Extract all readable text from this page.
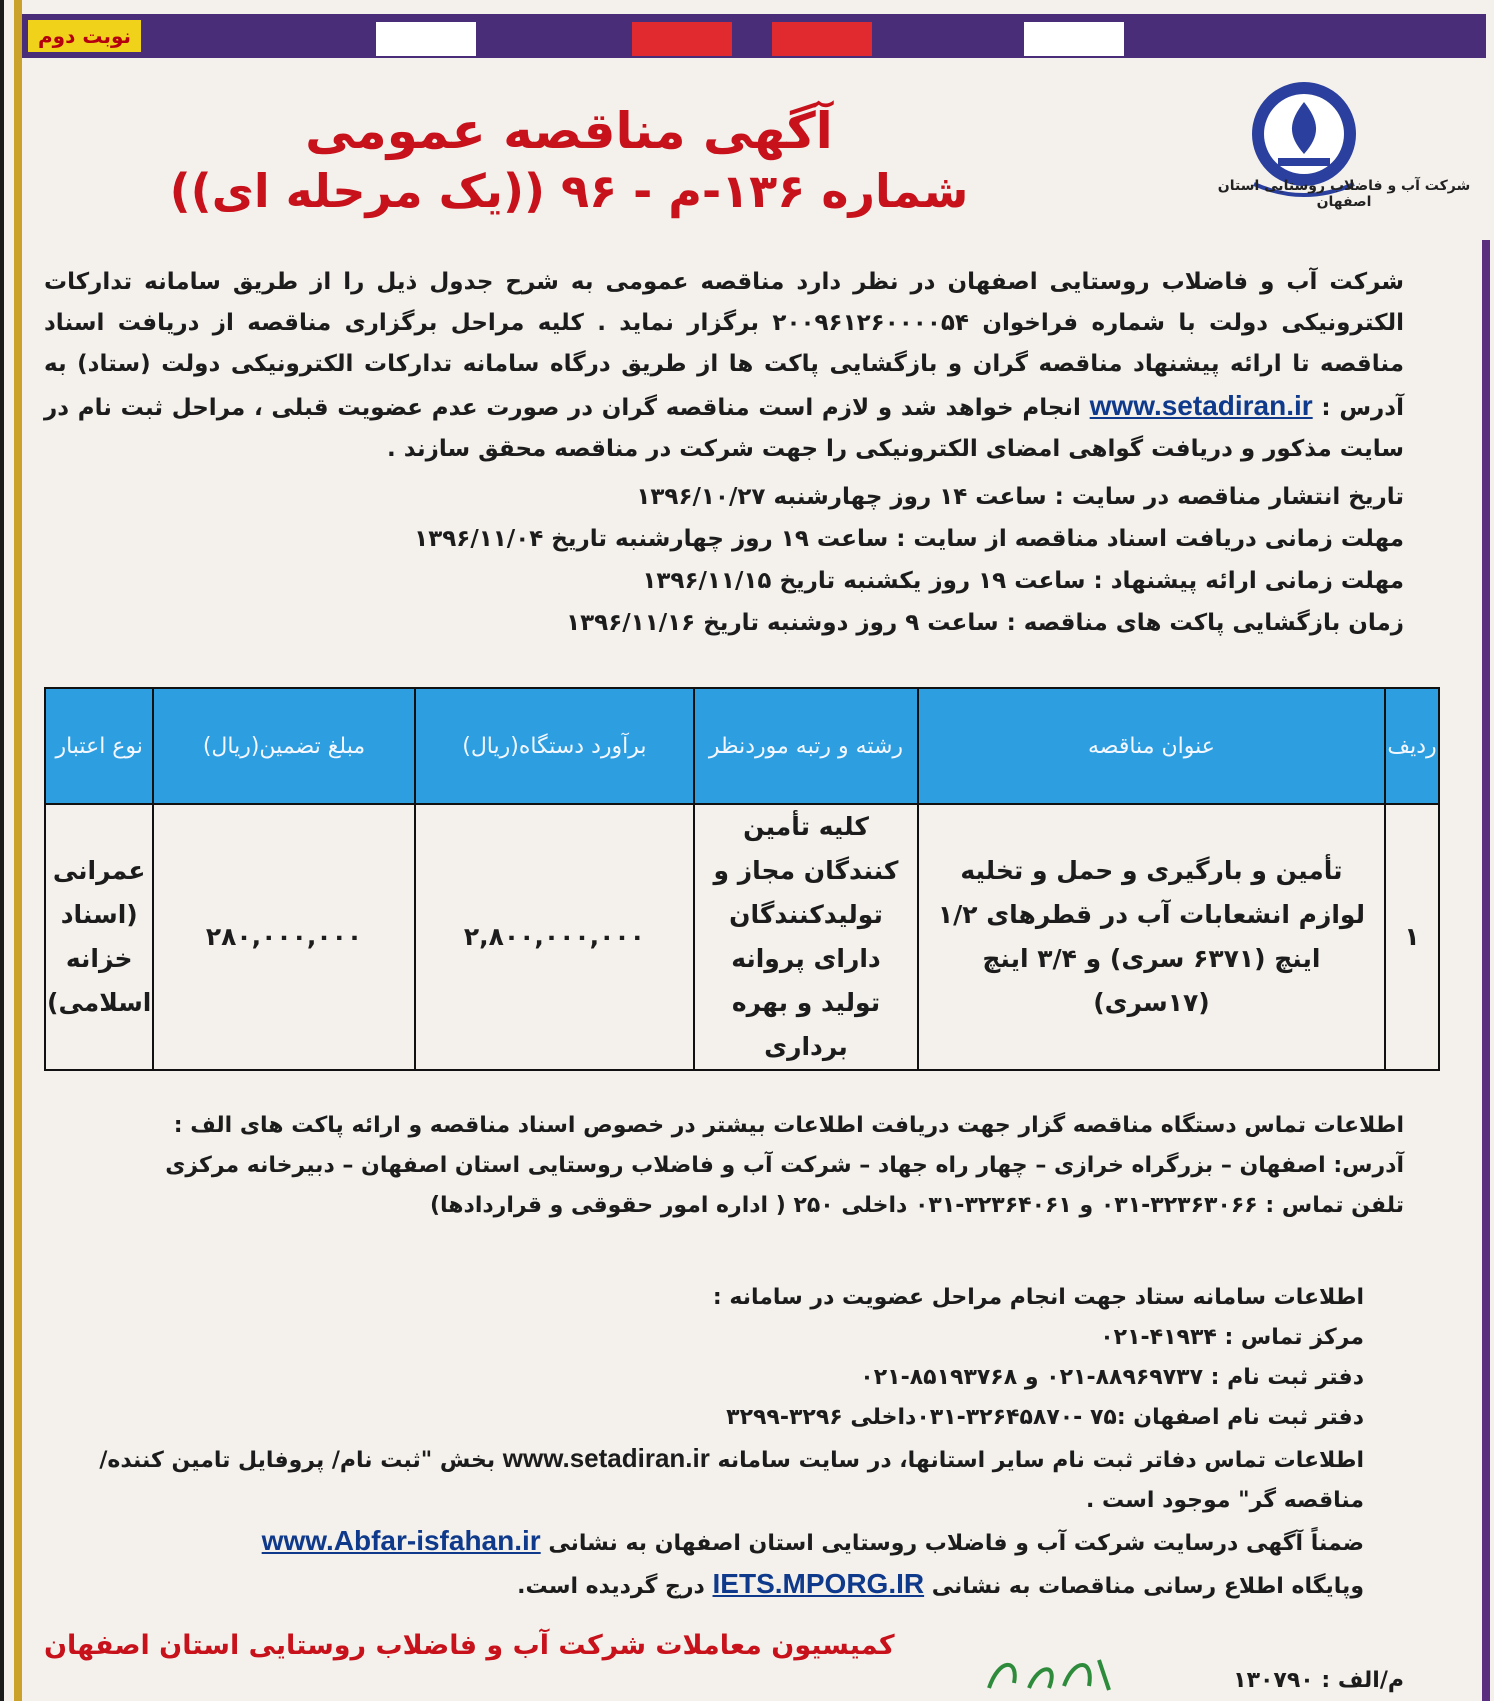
نوبت دوم
شرکت آب و فاضلاب روستایی استان اصفهان
آگهی مناقصه عمومی
شماره ۱۳۶-م - ۹۶ ((یک مرحله ای))
شرکت آب و فاضلاب روستایی اصفهان در نظر دارد مناقصه عمومی به شرح جدول ذیل را از طریق سامانه تدارکات الکترونیکی دولت با شماره فراخوان ۲۰۰۹۶۱۲۶۰۰۰۰۵۴ برگزار نماید . کلیه مراحل برگزاری مناقصه از دریافت اسناد مناقصه تا ارائه پیشنهاد مناقصه گران و بازگشایی پاکت ها از طریق درگاه سامانه تدارکات الکترونیکی دولت (ستاد) به آدرس : www.setadiran.ir انجام خواهد شد و لازم است مناقصه گران در صورت عدم عضویت قبلی ، مراحل ثبت نام در سایت مذکور و دریافت گواهی امضای الکترونیکی را جهت شرکت در مناقصه محقق سازند .
تاریخ انتشار مناقصه در سایت : ساعت ۱۴ روز چهارشنبه ۱۳۹۶/۱۰/۲۷
مهلت زمانی دریافت اسناد مناقصه از سایت : ساعت ۱۹ روز چهارشنبه تاریخ ۱۳۹۶/۱۱/۰۴
مهلت زمانی ارائه پیشنهاد : ساعت ۱۹ روز یکشنبه تاریخ ۱۳۹۶/۱۱/۱۵
زمان بازگشایی پاکت های مناقصه : ساعت ۹ روز دوشنبه تاریخ ۱۳۹۶/۱۱/۱۶
ردیف	عنوان مناقصه	رشته و رتبه موردنظر	برآورد دستگاه(ریال)	مبلغ تضمین(ریال)	نوع اعتبار
۱	تأمین و بارگیری و حمل و تخلیه لوازم انشعابات آب در قطرهای ۱/۲ اینچ (۶۳۷۱ سری) و ۳/۴ اینچ (۱۷سری)	کلیه تأمین کنندگان مجاز و تولیدکنندگان دارای پروانه تولید و بهره برداری	۲,۸۰۰,۰۰۰,۰۰۰	۲۸۰,۰۰۰,۰۰۰	عمرانی (اسناد خزانه اسلامی)
اطلاعات تماس دستگاه مناقصه گزار جهت دریافت اطلاعات بیشتر در خصوص اسناد مناقصه و ارائه پاکت های الف :
آدرس: اصفهان – بزرگراه خرازی – چهار راه جهاد – شرکت آب و فاضلاب روستایی استان اصفهان – دبیرخانه مرکزی
تلفن تماس : ۳۲۳۶۳۰۶۶-۰۳۱ و ۳۲۳۶۴۰۶۱-۰۳۱ داخلی ۲۵۰ ( اداره امور حقوقی و قراردادها)
اطلاعات سامانه ستاد جهت انجام مراحل عضویت در سامانه :
مرکز تماس : ۴۱۹۳۴-۰۲۱
دفتر ثبت نام : ۸۸۹۶۹۷۳۷-۰۲۱ و ۸۵۱۹۳۷۶۸-۰۲۱
دفتر ثبت نام اصفهان :۷۵ -۳۲۶۴۵۸۷۰-۰۳۱داخلی ۳۲۹۶-۳۲۹۹
اطلاعات تماس دفاتر ثبت نام سایر استانها، در سایت سامانه www.setadiran.ir بخش "ثبت نام/ پروفایل تامین کننده/ مناقصه گر" موجود است .
ضمناً آگهی درسایت شرکت آب و فاضلاب روستایی استان اصفهان به نشانی www.Abfar-isfahan.ir
وپایگاه اطلاع رسانی مناقصات به نشانی IETS.MPORG.IR درج گردیده است.
کمیسیون معاملات شرکت آب و فاضلاب روستایی استان اصفهان
م/الف : ۱۳۰۷۹۰
